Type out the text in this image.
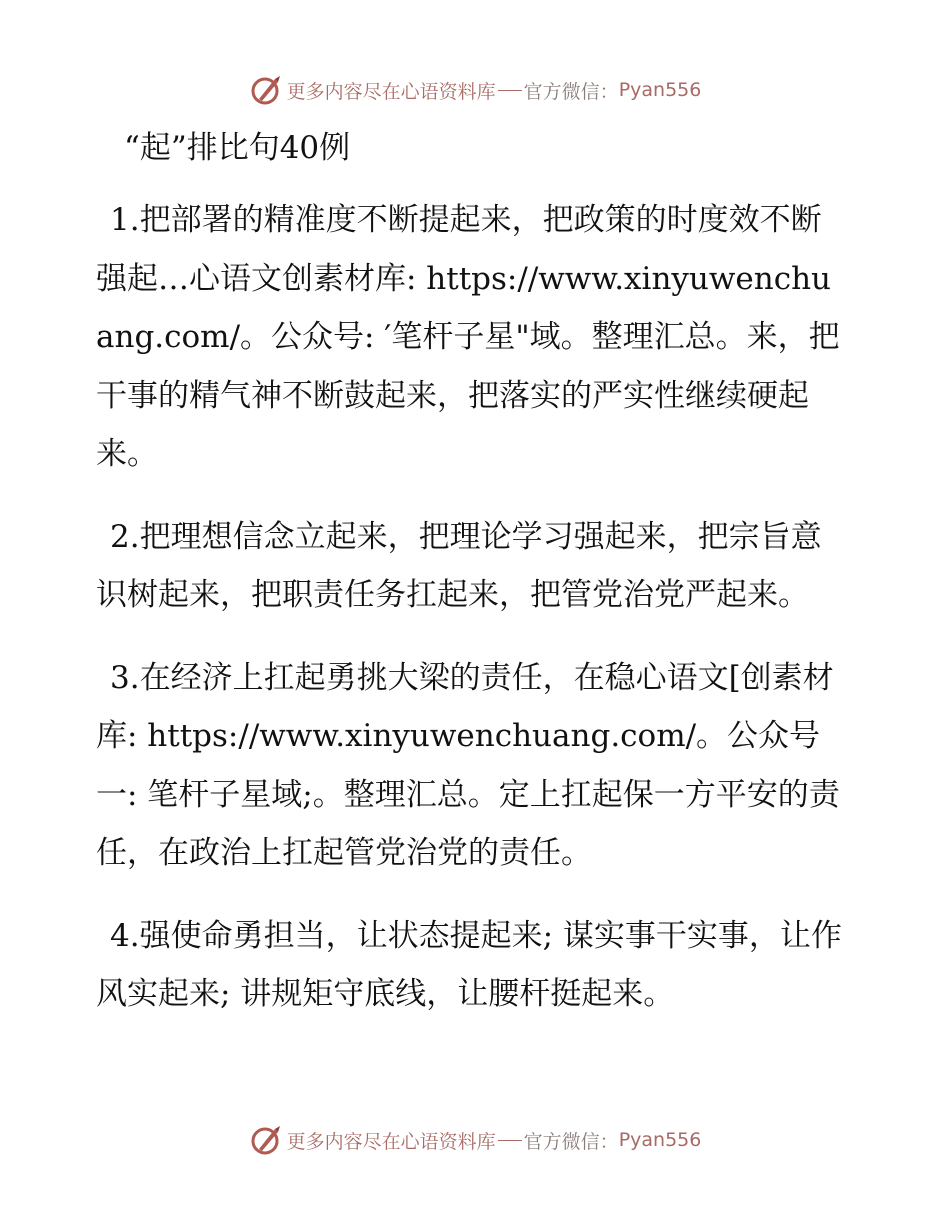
更多内容尽在心语资料库 官方微信： Pyan556
“起”排比句40例

1.把部署的精准度不断提起来，把政策的时度效不断强起…心语文创素材库: https://www.xinyuwenchuang.com/。公众号: ′笔杆子星"域。整理汇总。来，把干事的精气神不断鼓起来，把落实的严实性继续硬起来。

2.把理想信念立起来，把理论学习强起来，把宗旨意识树起来，把职责任务扛起来，把管党治党严起来。

3.在经济上扛起勇挑大梁的责任，在稳心语文[创素材库: https://www.xinyuwenchuang.com/。公众号一: 笔杆子星域;。整理汇总。定上扛起保一方平安的责任，在政治上扛起管党治党的责任。

4.强使命勇担当，让状态提起来; 谋实事干实事，让作风实起来; 讲规矩守底线，让腰杆挺起来。

更多内容尽在心语资料库 官方微信： Pyan556
